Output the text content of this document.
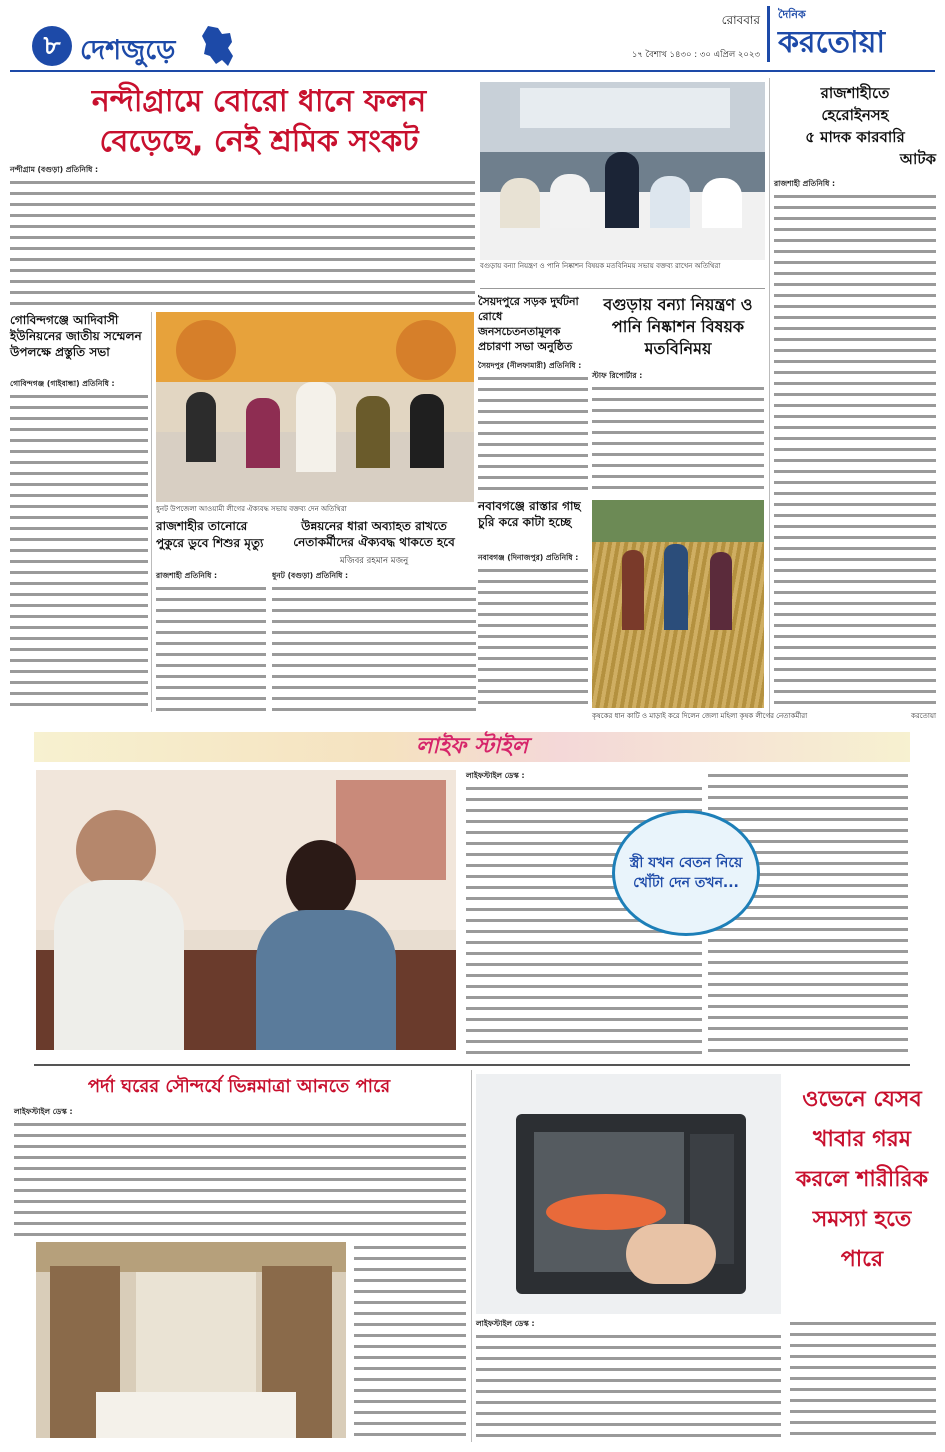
৮ দেশজুড়ে
রোববার
১৭ বৈশাখ ১৪৩০ : ৩০ এপ্রিল ২০২৩
দৈনিক
করতোয়া
নন্দীগ্রামে বোরো ধানে ফলন বেড়েছে, নেই শ্রমিক সংকট
নন্দীগ্রাম (বগুড়া) প্রতিনিধি :
বগুড়ায় বন্যা নিয়ন্ত্রণ ও পানি নিষ্কাশন বিষয়ক মতবিনিময় সভায় বক্তব্য রাখেন অতিথিরা
রাজশাহীতে
হেরোইনসহ
৫ মাদক কারবারি
আটক
রাজশাহী প্রতিনিধি :
সৈয়দপুরে সড়ক দুর্ঘটনা রোধে জনসচেতনতামূলক প্রচারণা সভা অনুষ্ঠিত
সৈয়দপুর (নীলফামারী) প্রতিনিধি :
বগুড়ায় বন্যা নিয়ন্ত্রণ ও পানি নিষ্কাশন বিষয়ক মতবিনিময়
স্টাফ রিপোর্টার :
গোবিন্দগঞ্জে আদিবাসী ইউনিয়নের জাতীয় সম্মেলন উপলক্ষে প্রস্তুতি সভা
গোবিন্দগঞ্জ (গাইবান্ধা) প্রতিনিধি :
ধুনট উপজেলা আওয়ামী লীগের ঐক্যবদ্ধ সভায় বক্তব্য দেন অতিথিরা
রাজশাহীর তানোরে পুকুরে ডুবে শিশুর মৃত্যু
রাজশাহী প্রতিনিধি :
উন্নয়নের ধারা অব্যাহত রাখতে নেতাকর্মীদের ঐক্যবদ্ধ থাকতে হবে
মজিবর রহমান মজনু
ধুনট (বগুড়া) প্রতিনিধি :
নবাবগঞ্জে রাস্তার গাছ চুরি করে কাটা হচ্ছে
নবাবগঞ্জ (দিনাজপুর) প্রতিনিধি :
কৃষকের ধান কাটি ও মাড়াই করে দিলেন জেলা মহিলা কৃষক লীগের নেতাকর্মীরা	করতোয়া
লাইফ স্টাইল
লাইফস্টাইল ডেস্ক :
স্ত্রী যখন বেতন নিয়ে খোঁটা দেন তখন...
পর্দা ঘরের সৌন্দর্যে ভিন্নমাত্রা আনতে পারে
লাইফস্টাইল ডেস্ক :	ওভেনে যেসব খাবার গরম করলে শারীরিক সমস্যা হতে পারে
লাইফস্টাইল ডেস্ক :
